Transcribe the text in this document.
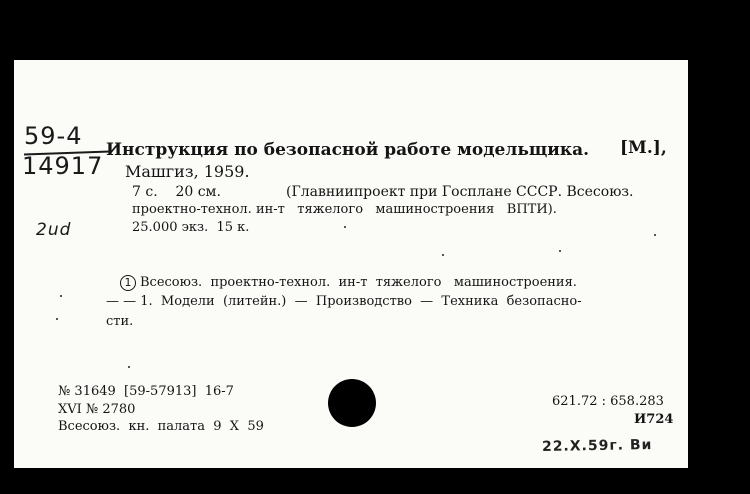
59-4
14917
2ud
Инструкция по безопасной работе модельщика. [М.],
Машгиз, 1959.
7 с.    20 см.	(Главниипроект при Госплане СССР. Всесоюз.
проектно-технол. ин-т   тяжелого   машиностроения   ВПТИ).
25.000 экз.  15 к.
1 Всесоюз.  проектно-технол.  ин-т  тяжелого   машиностроения.
— — 1.  Модели  (литейн.)  —  Производство  —  Техника  безопасно-
сти.
№ 31649  [59-57913]  16-7
XVI № 2780
Всесоюз.  кн.  палата  9  X  59
621.72 : 658.283
И724
22.Х.59г. Ви
